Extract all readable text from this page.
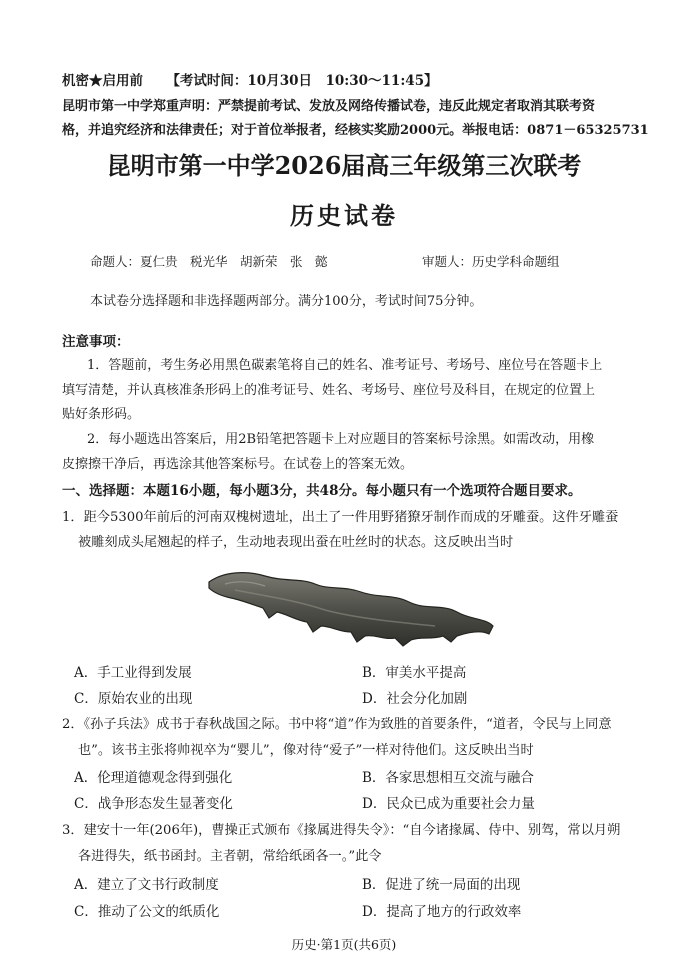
机密★启用前 【考试时间：10月30日　10:30～11:45】
昆明市第一中学郑重声明：严禁提前考试、发放及网络传播试卷，违反此规定者取消其联考资
格，并追究经济和法律责任；对于首位举报者，经核实奖励2000元。举报电话：0871－65325731
昆明市第一中学2026届高三年级第三次联考
历史试卷
命题人：夏仁贵　税光华　胡新荣　张　懿	审题人：历史学科命题组
本试卷分选择题和非选择题两部分。满分100分，考试时间75分钟。
注意事项：
1．答题前，考生务必用黑色碳素笔将自己的姓名、准考证号、考场号、座位号在答题卡上
填写清楚，并认真核准条形码上的准考证号、姓名、考场号、座位号及科目，在规定的位置上
贴好条形码。
2．每小题选出答案后，用2B铅笔把答题卡上对应题目的答案标号涂黑。如需改动，用橡
皮擦擦干净后，再选涂其他答案标号。在试卷上的答案无效。
一、选择题：本题16小题，每小题3分，共48分。每小题只有一个选项符合题目要求。
1．距今5300年前后的河南双槐树遗址，出土了一件用野猪獠牙制作而成的牙雕蚕。这件牙雕蚕
被雕刻成头尾翘起的样子，生动地表现出蚕在吐丝时的状态。这反映出当时
A．手工业得到发展	B．审美水平提高
C．原始农业的出现	D．社会分化加剧
2．《孙子兵法》成书于春秋战国之际。书中将“道”作为致胜的首要条件，“道者，令民与上同意
也”。该书主张将帅视卒为“婴儿”，像对待“爱子”一样对待他们。这反映出当时
A．伦理道德观念得到强化	B．各家思想相互交流与融合
C．战争形态发生显著变化	D．民众已成为重要社会力量
3．建安十一年(206年)，曹操正式颁布《掾属进得失令》：“自今诸掾属、侍中、别驾，常以月朔
各进得失，纸书函封。主者朝，常给纸函各一。”此令
A．建立了文书行政制度	B．促进了统一局面的出现
C．推动了公文的纸质化	D．提高了地方的行政效率
历史·第1页(共6页)
